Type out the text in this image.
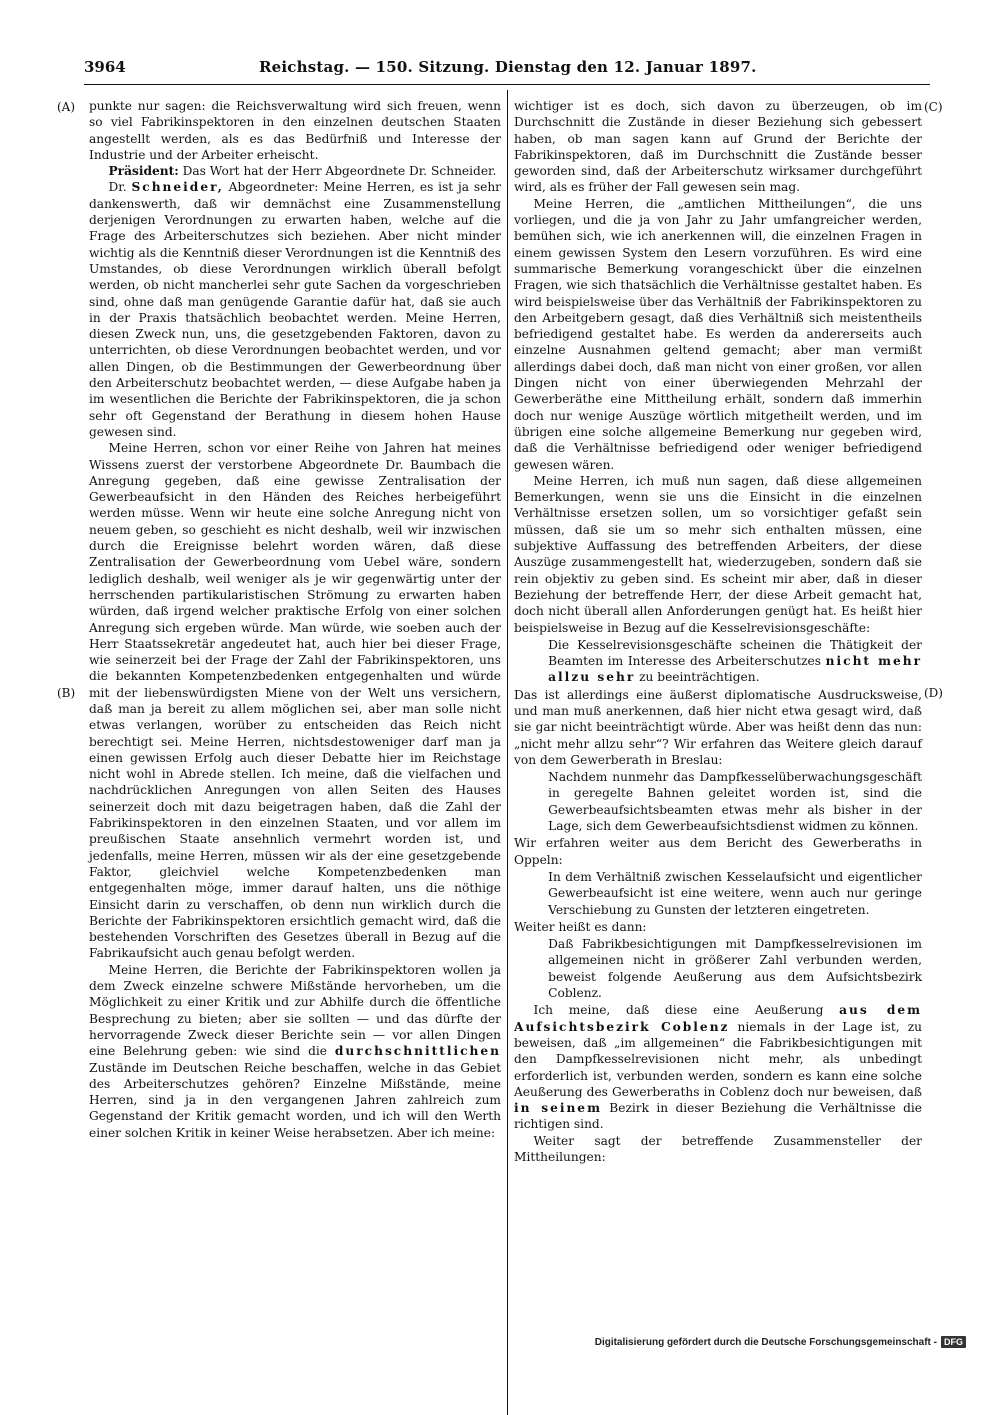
3964	Reichstag. — 150. Sitzung. Dienstag den 12. Januar 1897.
(A)
(B)
(C)
(D)

punkte nur sagen: die Reichsverwaltung wird sich freuen, wenn so viel Fabrikinspektoren in den einzelnen deutschen Staaten angestellt werden, als es das Bedürfniß und Interesse der Industrie und der Arbeiter erheischt.

Präsident: Das Wort hat der Herr Abgeordnete Dr. Schneider.

Dr. Schneider, Abgeordneter: Meine Herren, es ist ja sehr dankenswerth, daß wir demnächst eine Zusammenstellung derjenigen Verordnungen zu erwarten haben, welche auf die Frage des Arbeiterschutzes sich beziehen. Aber nicht minder wichtig als die Kenntniß dieser Verordnungen ist die Kenntniß des Umstandes, ob diese Verordnungen wirklich überall befolgt werden, ob nicht mancherlei sehr gute Sachen da vorgeschrieben sind, ohne daß man genügende Garantie dafür hat, daß sie auch in der Praxis thatsächlich beobachtet werden. Meine Herren, diesen Zweck nun, uns, die gesetzgebenden Faktoren, davon zu unterrichten, ob diese Verordnungen beobachtet werden, und vor allen Dingen, ob die Bestimmungen der Gewerbeordnung über den Arbeiterschutz beobachtet werden, — diese Aufgabe haben ja im wesentlichen die Berichte der Fabrikinspektoren, die ja schon sehr oft Gegenstand der Berathung in diesem hohen Hause gewesen sind.

Meine Herren, schon vor einer Reihe von Jahren hat meines Wissens zuerst der verstorbene Abgeordnete Dr. Baumbach die Anregung gegeben, daß eine gewisse Zentralisation der Gewerbeaufsicht in den Händen des Reiches herbeigeführt werden müsse. Wenn wir heute eine solche Anregung nicht von neuem geben, so geschieht es nicht deshalb, weil wir inzwischen durch die Ereignisse belehrt worden wären, daß diese Zentralisation der Gewerbeordnung vom Uebel wäre, sondern lediglich deshalb, weil weniger als je wir gegenwärtig unter der herrschenden partikularistischen Strömung zu erwarten haben würden, daß irgend welcher praktische Erfolg von einer solchen Anregung sich ergeben würde. Man würde, wie soeben auch der Herr Staatssekretär angedeutet hat, auch hier bei dieser Frage, wie seinerzeit bei der Frage der Zahl der Fabrikinspektoren, uns die bekannten Kompetenzbedenken entgegenhalten und würde mit der liebenswürdigsten Miene von der Welt uns versichern, daß man ja bereit zu allem möglichen sei, aber man solle nicht etwas verlangen, worüber zu entscheiden das Reich nicht berechtigt sei. Meine Herren, nichtsdestoweniger darf man ja einen gewissen Erfolg auch dieser Debatte hier im Reichstage nicht wohl in Abrede stellen. Ich meine, daß die vielfachen und nachdrücklichen Anregungen von allen Seiten des Hauses seinerzeit doch mit dazu beigetragen haben, daß die Zahl der Fabrikinspektoren in den einzelnen Staaten, und vor allem im preußischen Staate ansehnlich vermehrt worden ist, und jedenfalls, meine Herren, müssen wir als der eine gesetzgebende Faktor, gleichviel welche Kompetenzbedenken man entgegenhalten möge, immer darauf halten, uns die nöthige Einsicht darin zu verschaffen, ob denn nun wirklich durch die Berichte der Fabrikinspektoren ersichtlich gemacht wird, daß die bestehenden Vorschriften des Gesetzes überall in Bezug auf die Fabrikaufsicht auch genau befolgt werden.

Meine Herren, die Berichte der Fabrikinspektoren wollen ja dem Zweck einzelne schwere Mißstände hervorheben, um die Möglichkeit zu einer Kritik und zur Abhilfe durch die öffentliche Besprechung zu bieten; aber sie sollten — und das dürfte der hervorragende Zweck dieser Berichte sein — vor allen Dingen eine Belehrung geben: wie sind die durchschnittlichen Zustände im Deutschen Reiche beschaffen, welche in das Gebiet des Arbeiterschutzes gehören? Einzelne Mißstände, meine Herren, sind ja in den vergangenen Jahren zahlreich zum Gegenstand der Kritik gemacht worden, und ich will den Werth einer solchen Kritik in keiner Weise herabsetzen. Aber ich meine:

wichtiger ist es doch, sich davon zu überzeugen, ob im Durchschnitt die Zustände in dieser Beziehung sich gebessert haben, ob man sagen kann auf Grund der Berichte der Fabrikinspektoren, daß im Durchschnitt die Zustände besser geworden sind, daß der Arbeiterschutz wirksamer durchgeführt wird, als es früher der Fall gewesen sein mag.

Meine Herren, die „amtlichen Mittheilungen“, die uns vorliegen, und die ja von Jahr zu Jahr umfangreicher werden, bemühen sich, wie ich anerkennen will, die einzelnen Fragen in einem gewissen System den Lesern vorzuführen. Es wird eine summarische Bemerkung vorangeschickt über die einzelnen Fragen, wie sich thatsächlich die Verhältnisse gestaltet haben. Es wird beispielsweise über das Verhältniß der Fabrikinspektoren zu den Arbeitgebern gesagt, daß dies Verhältniß sich meistentheils befriedigend gestaltet habe. Es werden da andererseits auch einzelne Ausnahmen geltend gemacht; aber man vermißt allerdings dabei doch, daß man nicht von einer großen, vor allen Dingen nicht von einer überwiegenden Mehrzahl der Gewerberäthe eine Mittheilung erhält, sondern daß immerhin doch nur wenige Auszüge wörtlich mitgetheilt werden, und im übrigen eine solche allgemeine Bemerkung nur gegeben wird, daß die Verhältnisse befriedigend oder weniger befriedigend gewesen wären.

Meine Herren, ich muß nun sagen, daß diese allgemeinen Bemerkungen, wenn sie uns die Einsicht in die einzelnen Verhältnisse ersetzen sollen, um so vorsichtiger gefaßt sein müssen, daß sie um so mehr sich enthalten müssen, eine subjektive Auffassung des betreffenden Arbeiters, der diese Auszüge zusammengestellt hat, wiederzugeben, sondern daß sie rein objektiv zu geben sind. Es scheint mir aber, daß in dieser Beziehung der betreffende Herr, der diese Arbeit gemacht hat, doch nicht überall allen Anforderungen genügt hat. Es heißt hier beispielsweise in Bezug auf die Kesselrevisionsgeschäfte:

Die Kesselrevisionsgeschäfte scheinen die Thätigkeit der Beamten im Interesse des Arbeiterschutzes nicht mehr allzu sehr zu beeinträchtigen.

Das ist allerdings eine äußerst diplomatische Ausdrucksweise, und man muß anerkennen, daß hier nicht etwa gesagt wird, daß sie gar nicht beeinträchtigt würde. Aber was heißt denn das nun: „nicht mehr allzu sehr“? Wir erfahren das Weitere gleich darauf von dem Gewerberath in Breslau:

Nachdem nunmehr das Dampfkesselüberwachungsgeschäft in geregelte Bahnen geleitet worden ist, sind die Gewerbeaufsichtsbeamten etwas mehr als bisher in der Lage, sich dem Gewerbeaufsichtsdienst widmen zu können.

Wir erfahren weiter aus dem Bericht des Gewerberaths in Oppeln:

In dem Verhältniß zwischen Kesselaufsicht und eigentlicher Gewerbeaufsicht ist eine weitere, wenn auch nur geringe Verschiebung zu Gunsten der letzteren eingetreten.

Weiter heißt es dann:

Daß Fabrikbesichtigungen mit Dampfkesselrevisionen im allgemeinen nicht in größerer Zahl verbunden werden, beweist folgende Aeußerung aus dem Aufsichtsbezirk Coblenz.

Ich meine, daß diese eine Aeußerung aus dem Aufsichtsbezirk Coblenz niemals in der Lage ist, zu beweisen, daß „im allgemeinen“ die Fabrikbesichtigungen mit den Dampfkesselrevisionen nicht mehr, als unbedingt erforderlich ist, verbunden werden, sondern es kann eine solche Aeußerung des Gewerberaths in Coblenz doch nur beweisen, daß in seinem Bezirk in dieser Beziehung die Verhältnisse die richtigen sind.

Weiter sagt der betreffende Zusammensteller der Mittheilungen:

Digitalisierung gefördert durch die Deutsche Forschungsgemeinschaft - DFG
